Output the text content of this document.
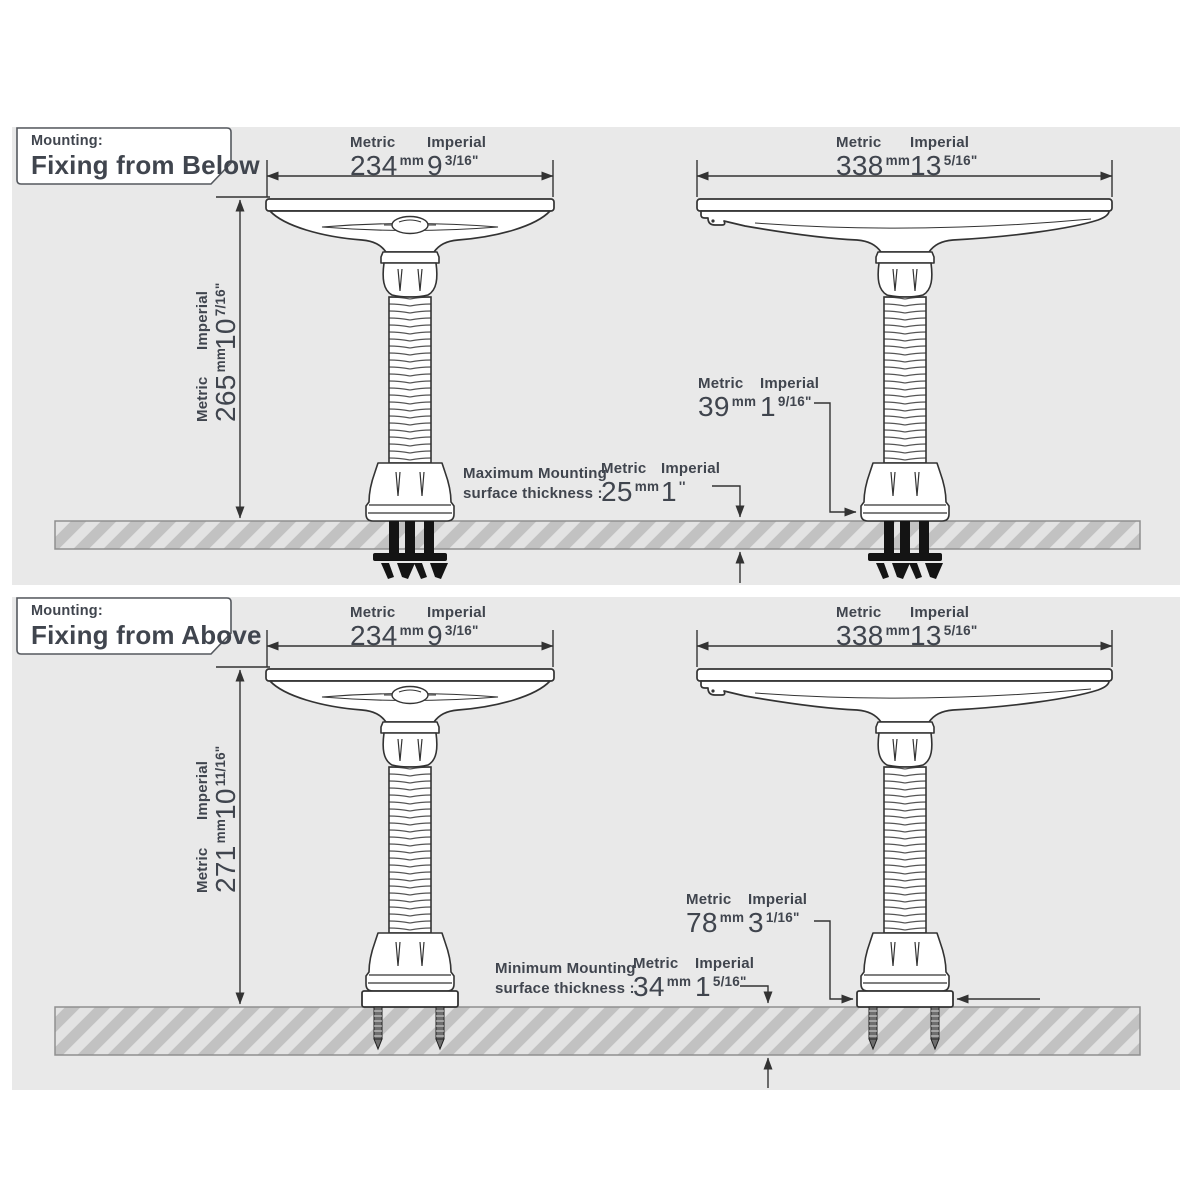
Mounting:
Fixing from Below
Metric
234 $^{mm}$
Imperial
9 $^{3/16"}$
Metric
338 $^{mm}$
Imperial
13 $^{5/16"}$
Imperial $10^{7/16"}$
Metric $265^{mm}$
Metric
39 $^{mm}$
Imperial
1 $^{9/16"}$
Maximum Mounting
surface thickness :
Metric
25 $^{mm}$
Imperial
1 ''
Mounting:
Fixing from Above
Metric
234 $^{mm}$
Imperial
9 $^{3/16"}$
Metric
338 $^{mm}$
Imperial
13 $^{5/16"}$
Imperial $10^{11/16"}$
Metric $271^{mm}$
Metric
78 $^{mm}$
Imperial
3 $^{1/16"}$
Minimum Mounting
surface thickness :
Metric
34 $^{mm}$
Imperial
1 $^{5/16"}$
